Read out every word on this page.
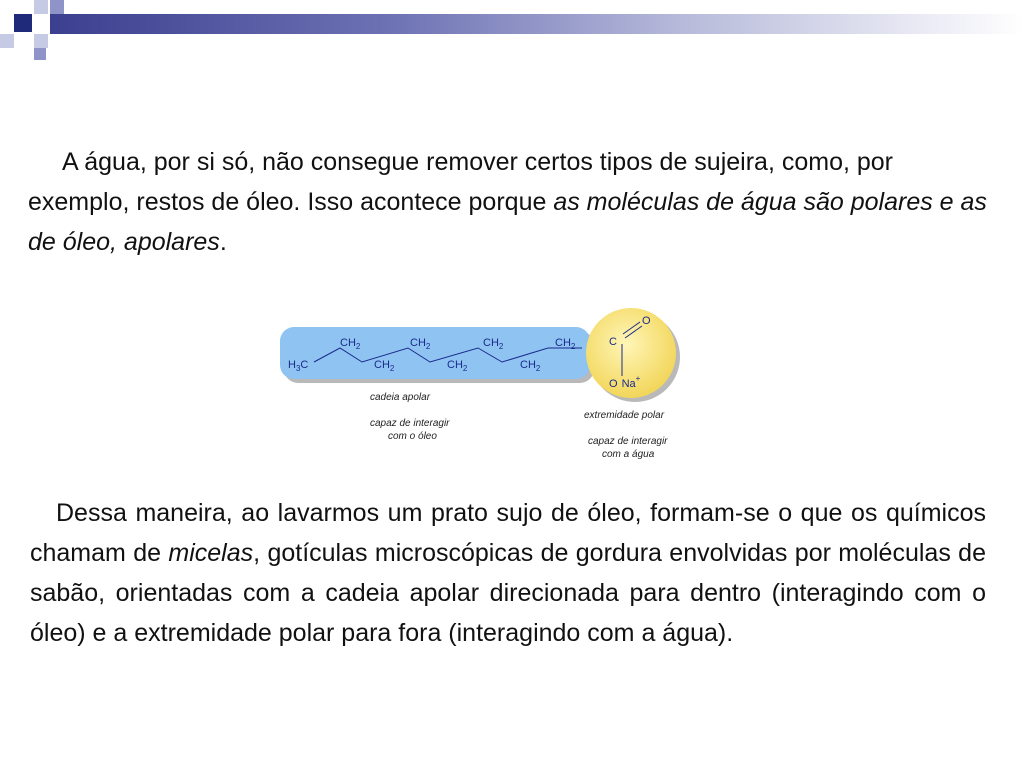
A água, por si só, não consegue remover certos tipos de sujeira, como, por exemplo, restos de óleo. Isso acontece porque as moléculas de água são polares e as de óleo, apolares.

$H_3C$
$CH_2$
$CH_2$
$CH_2$
$CH_2$
$CH_2$
$CH_2$
$CH_2$	C
O
O Na+
cadeia apolar
capaz de interagir
com o óleo
extremidade polar
capaz de interagir
com a água

Dessa maneira, ao lavarmos um prato sujo de óleo, formam-se o que os químicos chamam de micelas, gotículas microscópicas de gordura envolvidas por moléculas de sabão, orientadas com a cadeia apolar direcionada para dentro (interagindo com o óleo) e a extremidade polar para fora (interagindo com a água).
